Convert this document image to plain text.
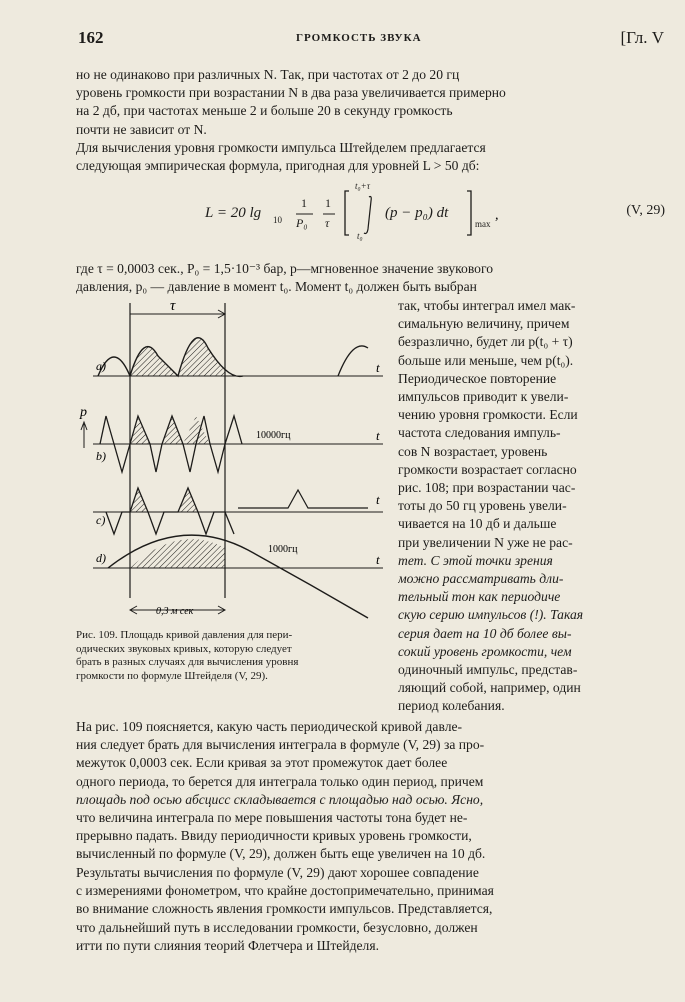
162	ГРОМКОСТЬ ЗВУКА	[Гл. V
но не одинаково при различных N. Так, при частотах от 2 до 20 гц
уровень громкости при возрастании N в два раза увеличивается примерно
на 2 дб, при частотах меньше 2 и больше 20 в секунду громкость
почти не зависит от N.
Для вычисления уровня громкости импульса Штейделем предлагается
следующая эмпирическая формула, пригодная для уровней L > 50 дб:
L = 20 lg 10
1
P₀
1
τ
t₀+τ
t₀
(p − p₀) dt
max
(V, 29)
,
где τ = 0,0003 сек., P₀ = 1,5·10⁻³ бар, p—мгновенное значение звукового
давления, p₀ — давление в момент t₀. Момент t₀ должен быть выбран
так, чтобы интеграл имел мак-
симальную величину, причем
безразлично, будет ли p(t₀ + τ)
больше или меньше, чем p(t₀).
Периодическое повторение
импульсов приводит к увели-
чению уровня громкости. Если
частота следования импуль-
сов N возрастает, уровень
громкости возрастает согласно
рис. 108; при возрастании час-
тоты до 50 гц уровень увели-
чивается на 10 дб и дальше
при увеличении N уже не рас-
тет. С этой точки зрения
можно рассматривать дли-
тельный тон как периодиче
скую серию импульсов (!). Такая
серия дает на 10 дб более вы-
сокий уровень громкости, чем
одиночный импульс, представ-
ляющий собой, например, один
период колебания.
τ
a)	t
p
b)
10000гц	t
c)
t
d)
1000гц
t
0,3 м сек
Рис. 109. Площадь кривой давления для пери-
одических звуковых кривых, которую следует
брать в разных случаях для вычисления уровня
громкости по формуле Штейделя (V, 29).
На рис. 109 поясняется, какую часть периодической кривой давле-
ния следует брать для вычисления интеграла в формуле (V, 29) за про-
межуток 0,0003 сек. Если кривая за этот промежуток дает более
одного периода, то берется для интеграла только один период, причем
площадь под осью абсцисс складывается с площадью над осью. Ясно,
что величина интеграла по мере повышения частоты тона будет не-
прерывно падать. Ввиду периодичности кривых уровень громкости,
вычисленный по формуле (V, 29), должен быть еще увеличен на 10 дб.
Результаты вычисления по формуле (V, 29) дают хорошее совпадение
с измерениями фонометром, что крайне достопримечательно, принимая
во внимание сложность явления громкости импульсов. Представляется,
что дальнейший путь в исследовании громкости, безусловно, должен
итти по пути слияния теорий Флетчера и Штейделя.
